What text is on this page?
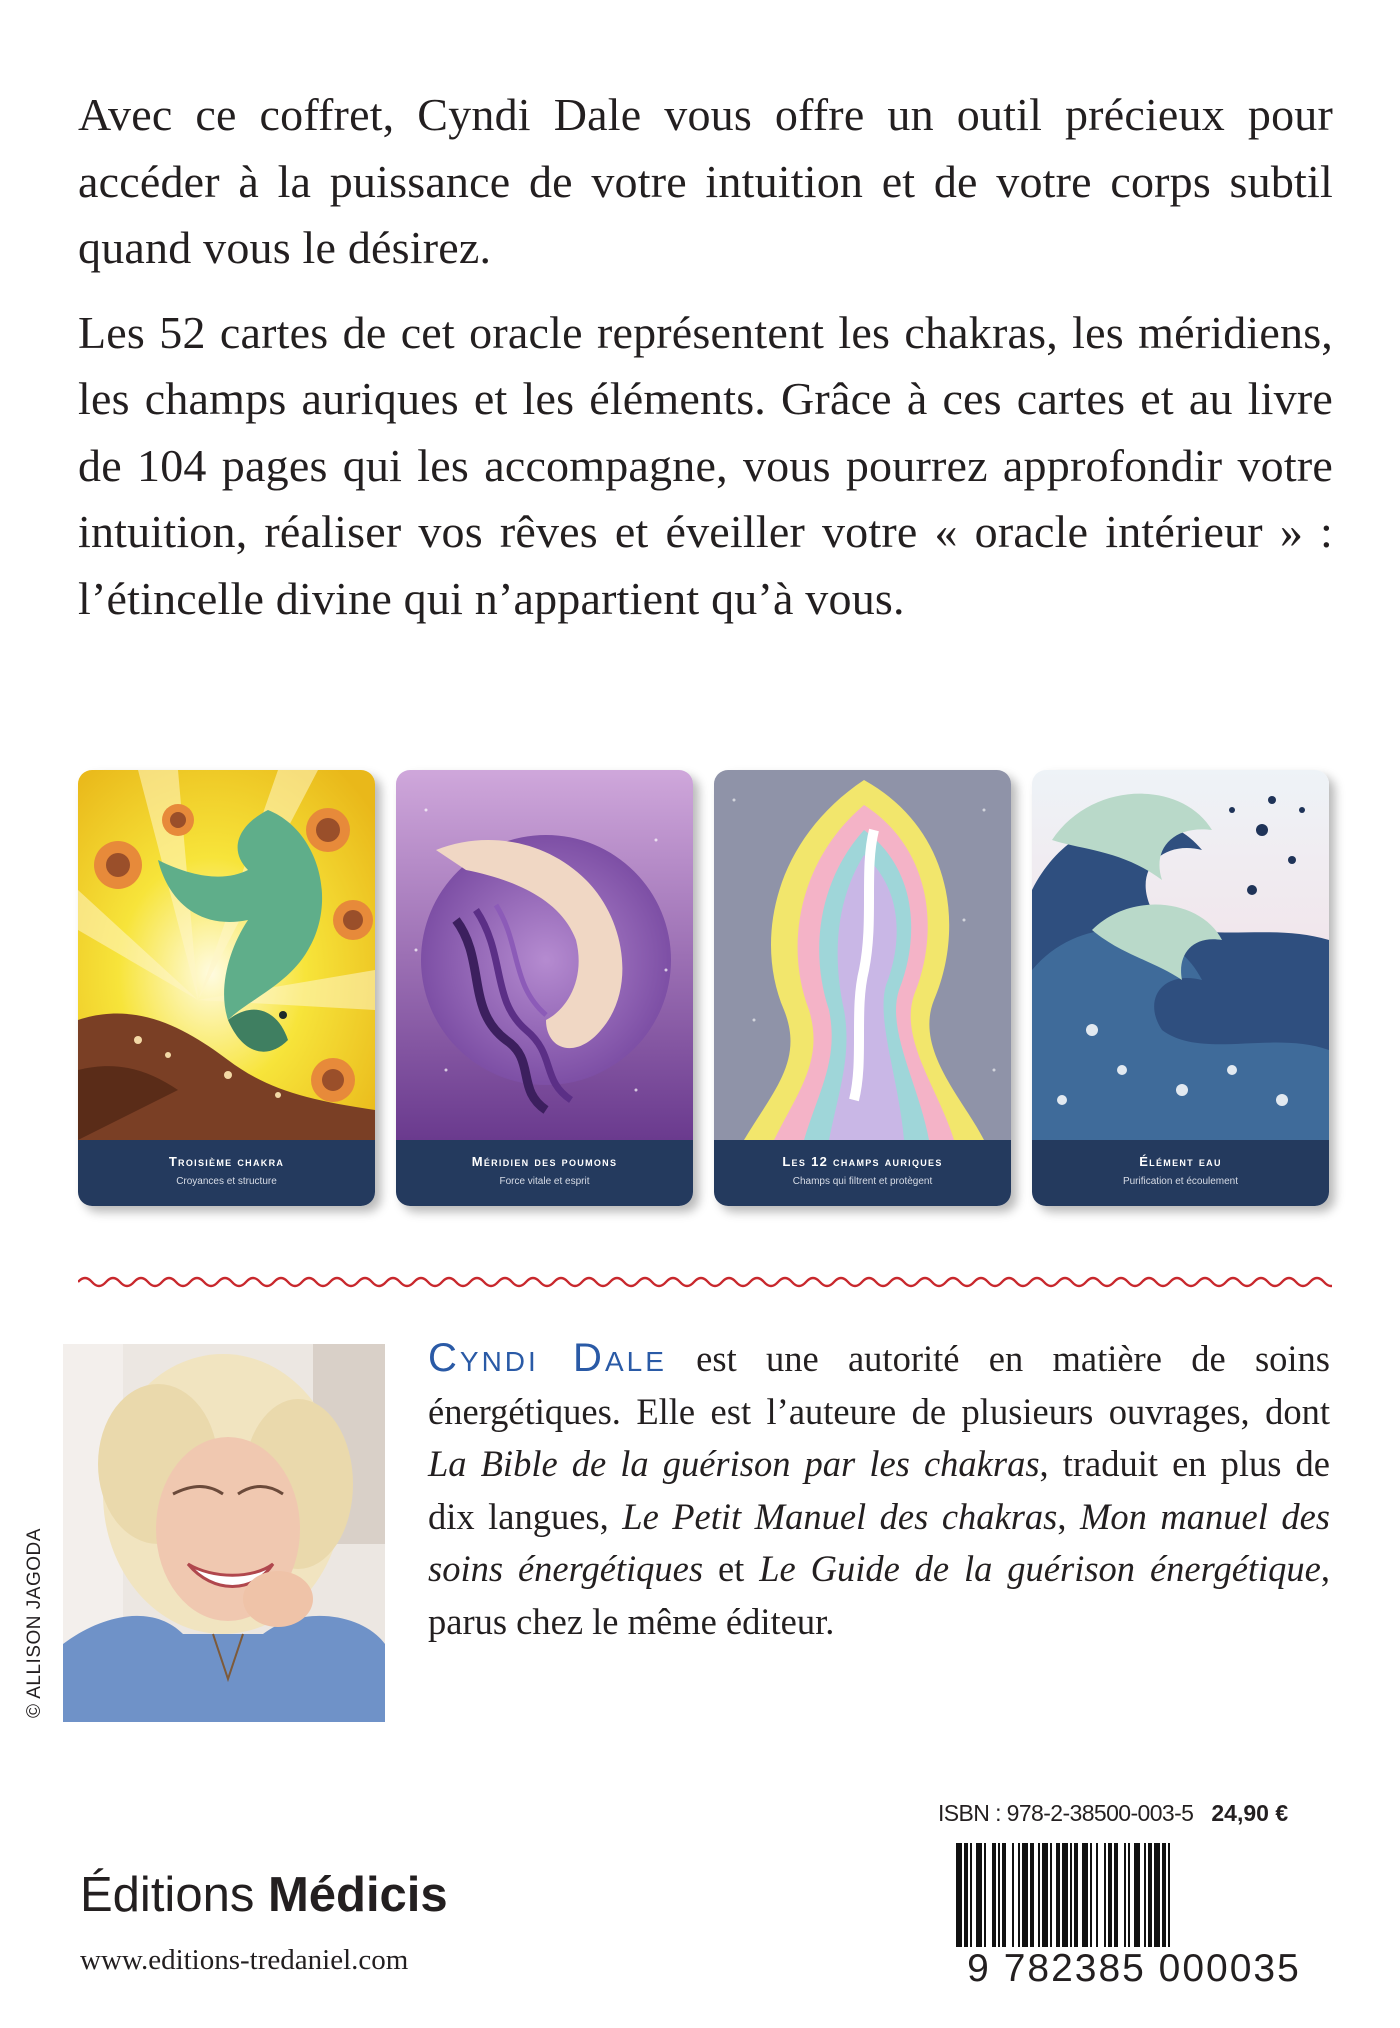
Avec ce coffret, Cyndi Dale vous offre un outil précieux pour accéder à la puissance de votre intuition et de votre corps subtil quand vous le désirez.

Les 52 cartes de cet oracle représentent les chakras, les méridiens, les champs auriques et les éléments. Grâce à ces cartes et au livre de 104 pages qui les accompagne, vous pourrez approfondir votre intuition, réaliser vos rêves et éveiller votre « oracle intérieur » : l’étincelle divine qui n’appartient qu’à vous.

Troisième chakra
Croyances et structure
Méridien des poumons
Force vitale et esprit
Les 12 champs auriques
Champs qui filtrent et protègent
Élément eau
Purification et écoulement
© ALLISON JAGODA

Cyndi Dale est une autorité en matière de soins énergétiques. Elle est l’auteure de plusieurs ouvrages, dont La Bible de la guérison par les chakras, traduit en plus de dix langues, Le Petit Manuel des chakras, Mon manuel des soins énergétiques et Le Guide de la guérison énergétique, parus chez le même éditeur.

ISBN : 978-2-38500-003-5 24,90 €
9 782385 000035
Éditions Médicis
www.editions-tredaniel.com
